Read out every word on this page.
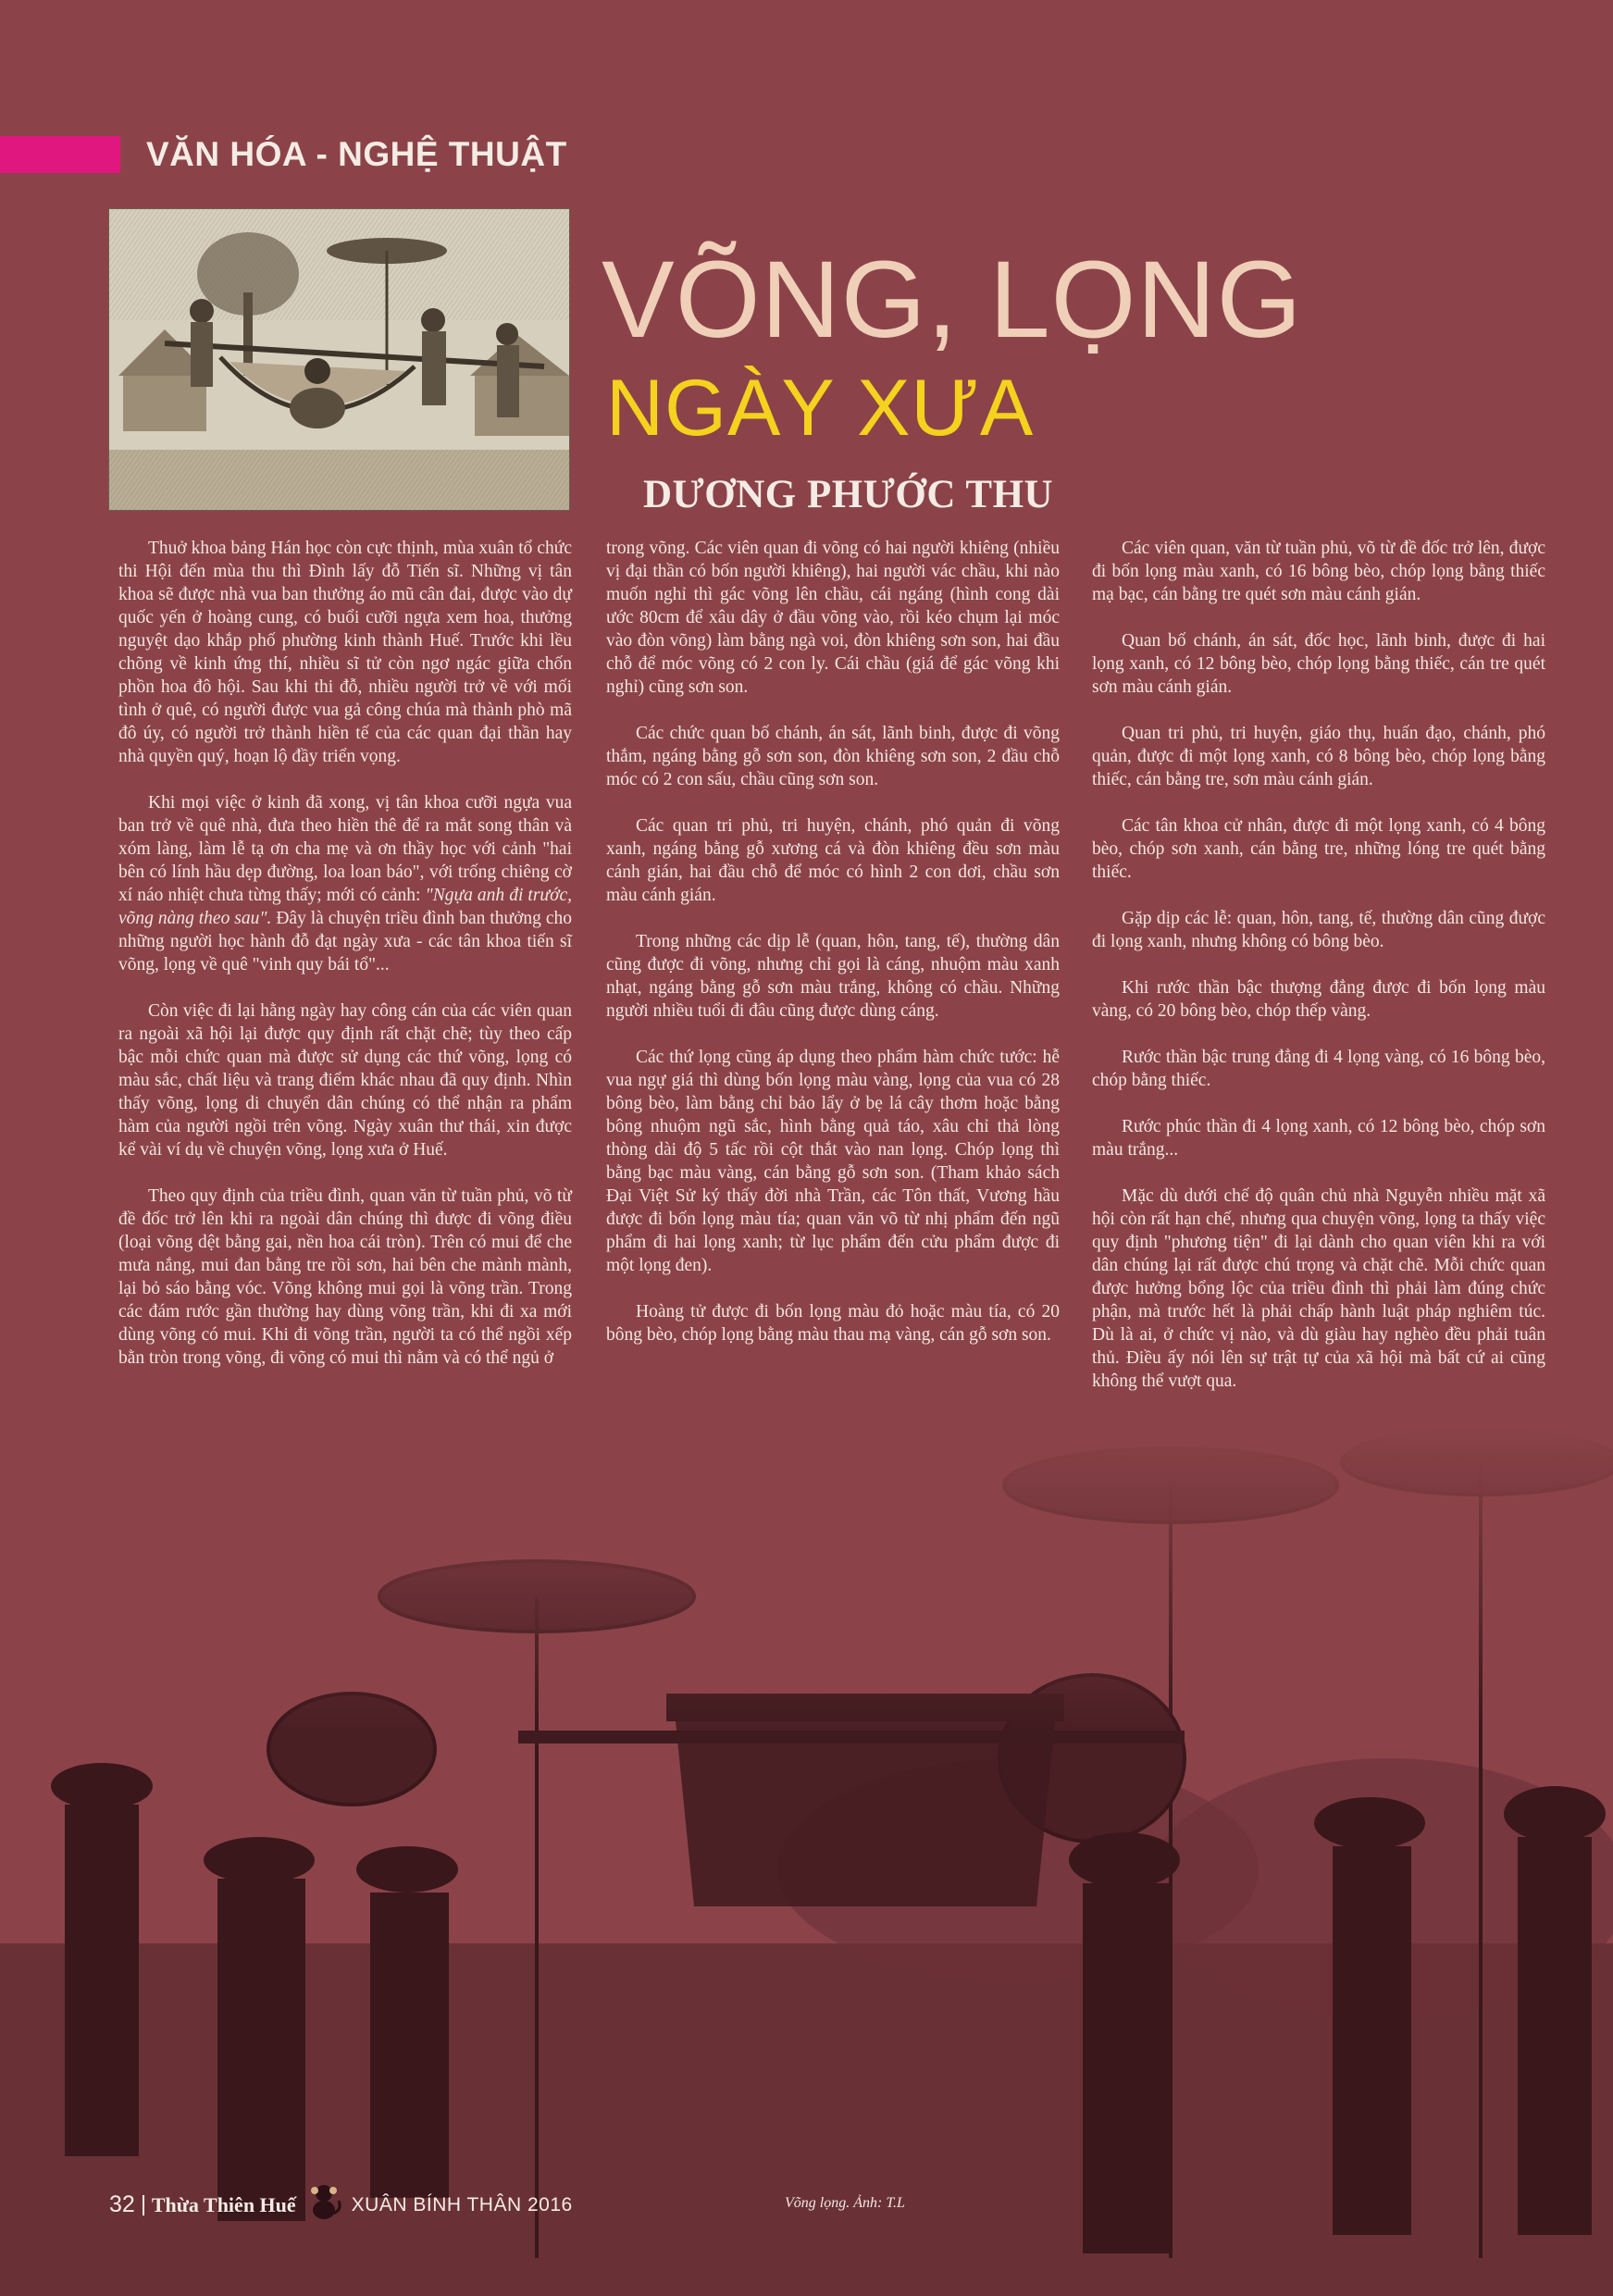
VĂN HÓA - NGHỆ THUẬT
VÕNG, LỌNG
NGÀY XƯA
DƯƠNG PHƯỚC THU

Thuở khoa bảng Hán học còn cực thịnh, mùa xuân tổ chức thi Hội đến mùa thu thì Đình lấy đỗ Tiến sĩ. Những vị tân khoa sẽ được nhà vua ban thưởng áo mũ cân đai, được vào dự quốc yến ở hoàng cung, có buổi cưỡi ngựa xem hoa, thưởng nguyệt dạo khắp phố phường kinh thành Huế. Trước khi lều chõng về kinh ứng thí, nhiều sĩ tử còn ngơ ngác giữa chốn phồn hoa đô hội. Sau khi thi đỗ, nhiều người trở về với mối tình ở quê, có người được vua gả công chúa mà thành phò mã đô úy, có người trở thành hiền tế của các quan đại thần hay nhà quyền quý, hoạn lộ đầy triển vọng.

Khi mọi việc ở kinh đã xong, vị tân khoa cưỡi ngựa vua ban trở về quê nhà, đưa theo hiền thê để ra mắt song thân và xóm làng, làm lễ tạ ơn cha mẹ và ơn thầy học với cảnh "hai bên có lính hầu dẹp đường, loa loan báo", với trống chiêng cờ xí náo nhiệt chưa từng thấy; mới có cảnh: "Ngựa anh đi trước, võng nàng theo sau". Đây là chuyện triều đình ban thưởng cho những người học hành đỗ đạt ngày xưa - các tân khoa tiến sĩ võng, lọng về quê "vinh quy bái tổ"...

Còn việc đi lại hằng ngày hay công cán của các viên quan ra ngoài xã hội lại được quy định rất chặt chẽ; tùy theo cấp bậc mỗi chức quan mà được sử dụng các thứ võng, lọng có màu sắc, chất liệu và trang điểm khác nhau đã quy định. Nhìn thấy võng, lọng di chuyển dân chúng có thể nhận ra phẩm hàm của người ngồi trên võng. Ngày xuân thư thái, xin được kể vài ví dụ về chuyện võng, lọng xưa ở Huế.

Theo quy định của triều đình, quan văn từ tuần phủ, võ từ đề đốc trở lên khi ra ngoài dân chúng thì được đi võng điều (loại võng dệt bằng gai, nền hoa cái tròn). Trên có mui để che mưa nắng, mui đan bằng tre rồi sơn, hai bên che mành mành, lại bỏ sáo bằng vóc. Võng không mui gọi là võng trần. Trong các đám rước gần thường hay dùng võng trần, khi đi xa mới dùng võng có mui. Khi đi võng trần, người ta có thể ngồi xếp bằn tròn trong võng, đi võng có mui thì nằm và có thể ngủ ở

trong võng. Các viên quan đi võng có hai người khiêng (nhiều vị đại thần có bốn người khiêng), hai người vác chầu, khi nào muốn nghỉ thì gác võng lên chầu, cái ngáng (hình cong dài ước 80cm để xâu dây ở đầu võng vào, rồi kéo chụm lại móc vào đòn võng) làm bằng ngà voi, đòn khiêng sơn son, hai đầu chỗ để móc võng có 2 con ly. Cái chầu (giá để gác võng khi nghỉ) cũng sơn son.

Các chức quan bố chánh, án sát, lãnh binh, được đi võng thắm, ngáng bằng gỗ sơn son, đòn khiêng sơn son, 2 đầu chỗ móc có 2 con sấu, chầu cũng sơn son.

Các quan tri phủ, tri huyện, chánh, phó quản đi võng xanh, ngáng bằng gỗ xương cá và đòn khiêng đều sơn màu cánh gián, hai đầu chỗ để móc có hình 2 con dơi, chầu sơn màu cánh gián.

Trong những các dịp lễ (quan, hôn, tang, tế), thường dân cũng được đi võng, nhưng chỉ gọi là cáng, nhuộm màu xanh nhạt, ngáng bằng gỗ sơn màu trắng, không có chầu. Những người nhiều tuổi đi đâu cũng được dùng cáng.

Các thứ lọng cũng áp dụng theo phẩm hàm chức tước: hễ vua ngự giá thì dùng bốn lọng màu vàng, lọng của vua có 28 bông bèo, làm bằng chỉ bảo lẩy ở bẹ lá cây thơm hoặc bằng bông nhuộm ngũ sắc, hình bằng quả táo, xâu chỉ thả lòng thòng dài độ 5 tấc rồi cột thắt vào nan lọng. Chóp lọng thì bằng bạc màu vàng, cán bằng gỗ sơn son. (Tham khảo sách Đại Việt Sử ký thấy đời nhà Trần, các Tôn thất, Vương hầu được đi bốn lọng màu tía; quan văn võ từ nhị phẩm đến ngũ phẩm đi hai lọng xanh; từ lục phẩm đến cửu phẩm được đi một lọng đen).

Hoàng tử được đi bốn lọng màu đỏ hoặc màu tía, có 20 bông bèo, chóp lọng bằng màu thau mạ vàng, cán gỗ sơn son.

Các viên quan, văn từ tuần phủ, võ từ đề đốc trở lên, được đi bốn lọng màu xanh, có 16 bông bèo, chóp lọng bằng thiếc mạ bạc, cán bằng tre quét sơn màu cánh gián.

Quan bố chánh, án sát, đốc học, lãnh binh, được đi hai lọng xanh, có 12 bông bèo, chóp lọng bằng thiếc, cán tre quét sơn màu cánh gián.

Quan tri phủ, tri huyện, giáo thụ, huấn đạo, chánh, phó quản, được đi một lọng xanh, có 8 bông bèo, chóp lọng bằng thiếc, cán bằng tre, sơn màu cánh gián.

Các tân khoa cử nhân, được đi một lọng xanh, có 4 bông bèo, chóp sơn xanh, cán bằng tre, những lóng tre quét bằng thiếc.

Gặp dịp các lễ: quan, hôn, tang, tế, thường dân cũng được đi lọng xanh, nhưng không có bông bèo.

Khi rước thần bậc thượng đẳng được đi bốn lọng màu vàng, có 20 bông bèo, chóp thếp vàng.

Rước thần bậc trung đẳng đi 4 lọng vàng, có 16 bông bèo, chóp bằng thiếc.

Rước phúc thần đi 4 lọng xanh, có 12 bông bèo, chóp sơn màu trắng...

Mặc dù dưới chế độ quân chủ nhà Nguyễn nhiều mặt xã hội còn rất hạn chế, nhưng qua chuyện võng, lọng ta thấy việc quy định "phương tiện" đi lại dành cho quan viên khi ra với dân chúng lại rất được chú trọng và chặt chẽ. Mỗi chức quan được hưởng bổng lộc của triều đình thì phải làm đúng chức phận, mà trước hết là phải chấp hành luật pháp nghiêm túc. Dù là ai, ở chức vị nào, và dù giàu hay nghèo đều phải tuân thủ. Điều ấy nói lên sự trật tự của xã hội mà bất cứ ai cũng không thể vượt qua.

32 Thừa Thiên Huế	XUÂN BÍNH THÂN 2016	Võng lọng. Ảnh: T.L
